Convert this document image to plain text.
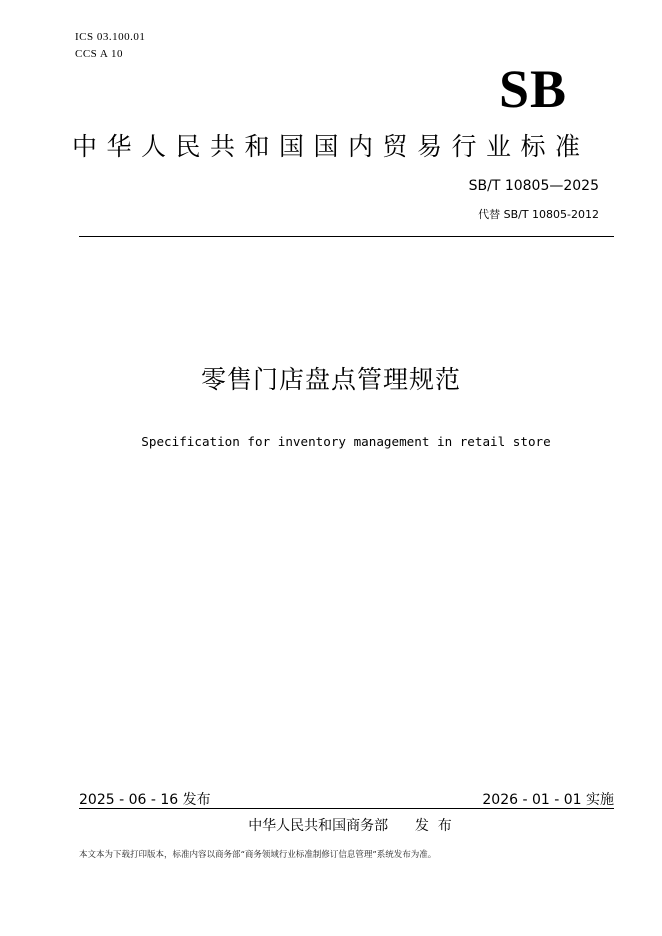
ICS 03.100.01
CCS A 10
SB
中华人民共和国国内贸易行业标准
SB/T 10805—2025
代替 SB/T 10805-2012
零售门店盘点管理规范
Specification for inventory management in retail store
2025 - 06 - 16 发布	2026 - 01 - 01 实施
中华人民共和国商务部      发  布
本文本为下载打印版本，标准内容以商务部“商务领域行业标准制修订信息管理”系统发布为准。
